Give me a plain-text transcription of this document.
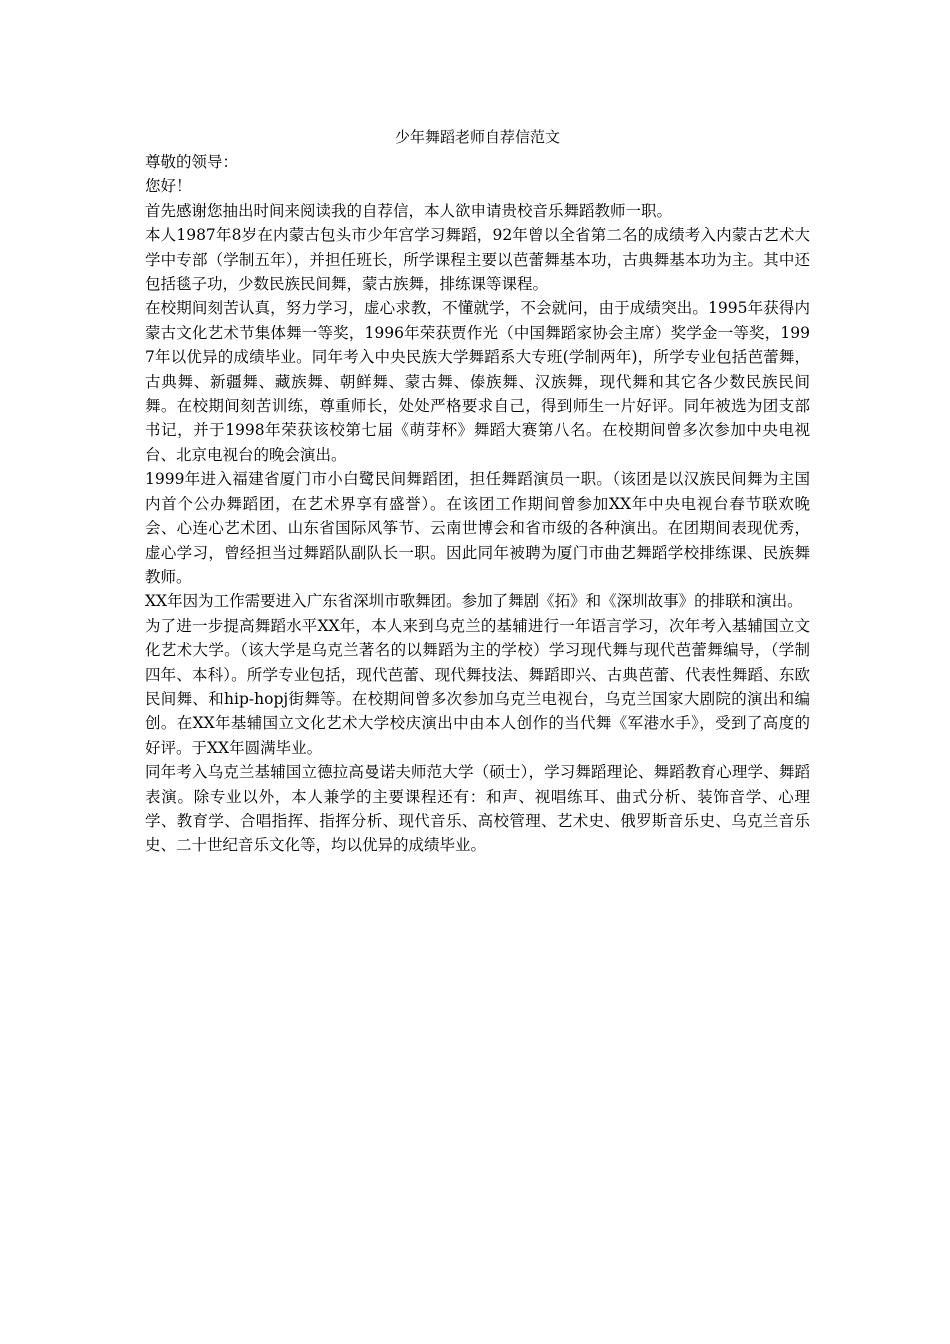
少年舞蹈老师自荐信范文

尊敬的领导：

您好！

首先感谢您抽出时间来阅读我的自荐信，本人欲申请贵校音乐舞蹈教师一职。

本人1987年8岁在内蒙古包头市少年宫学习舞蹈，92年曾以全省第二名的成绩考入内蒙古艺术大学中专部（学制五年），并担任班长，所学课程主要以芭蕾舞基本功，古典舞基本功为主。其中还包括毯子功，少数民族民间舞，蒙古族舞，排练课等课程。

在校期间刻苦认真，努力学习，虚心求教，不懂就学，不会就问，由于成绩突出。1995年获得内蒙古文化艺术节集体舞一等奖，1996年荣获贾作光（中国舞蹈家协会主席）奖学金一等奖，1997年以优异的成绩毕业。同年考入中央民族大学舞蹈系大专班(学制两年)，所学专业包括芭蕾舞，古典舞、新疆舞、藏族舞、朝鲜舞、蒙古舞、傣族舞、汉族舞，现代舞和其它各少数民族民间舞。在校期间刻苦训练，尊重师长，处处严格要求自己，得到师生一片好评。同年被选为团支部书记，并于1998年荣获该校第七届《萌芽杯》舞蹈大赛第八名。在校期间曾多次参加中央电视台、北京电视台的晚会演出。

1999年进入福建省厦门市小白鹭民间舞蹈团，担任舞蹈演员一职。（该团是以汉族民间舞为主国内首个公办舞蹈团，在艺术界享有盛誉）。在该团工作期间曾参加XX年中央电视台春节联欢晚会、心连心艺术团、山东省国际风筝节、云南世博会和省市级的各种演出。在团期间表现优秀，虚心学习，曾经担当过舞蹈队副队长一职。因此同年被聘为厦门市曲艺舞蹈学校排练课、民族舞教师。

XX年因为工作需要进入广东省深圳市歌舞团。参加了舞剧《拓》和《深圳故事》的排联和演出。

为了进一步提高舞蹈水平XX年，本人来到乌克兰的基辅进行一年语言学习，次年考入基辅国立文化艺术大学。（该大学是乌克兰著名的以舞蹈为主的学校）学习现代舞与现代芭蕾舞编导，（学制四年、本科）。所学专业包括，现代芭蕾、现代舞技法、舞蹈即兴、古典芭蕾、代表性舞蹈、东欧民间舞、和hip-hopj街舞等。在校期间曾多次参加乌克兰电视台，乌克兰国家大剧院的演出和编创。在XX年基辅国立文化艺术大学校庆演出中由本人创作的当代舞《军港水手》，受到了高度的好评。于XX年圆满毕业。

同年考入乌克兰基辅国立德拉高曼诺夫师范大学（硕士），学习舞蹈理论、舞蹈教育心理学、舞蹈表演。除专业以外，本人兼学的主要课程还有：和声、视唱练耳、曲式分析、装饰音学、心理学、教育学、合唱指挥、指挥分析、现代音乐、高校管理、艺术史、俄罗斯音乐史、乌克兰音乐史、二十世纪音乐文化等，均以优异的成绩毕业。
